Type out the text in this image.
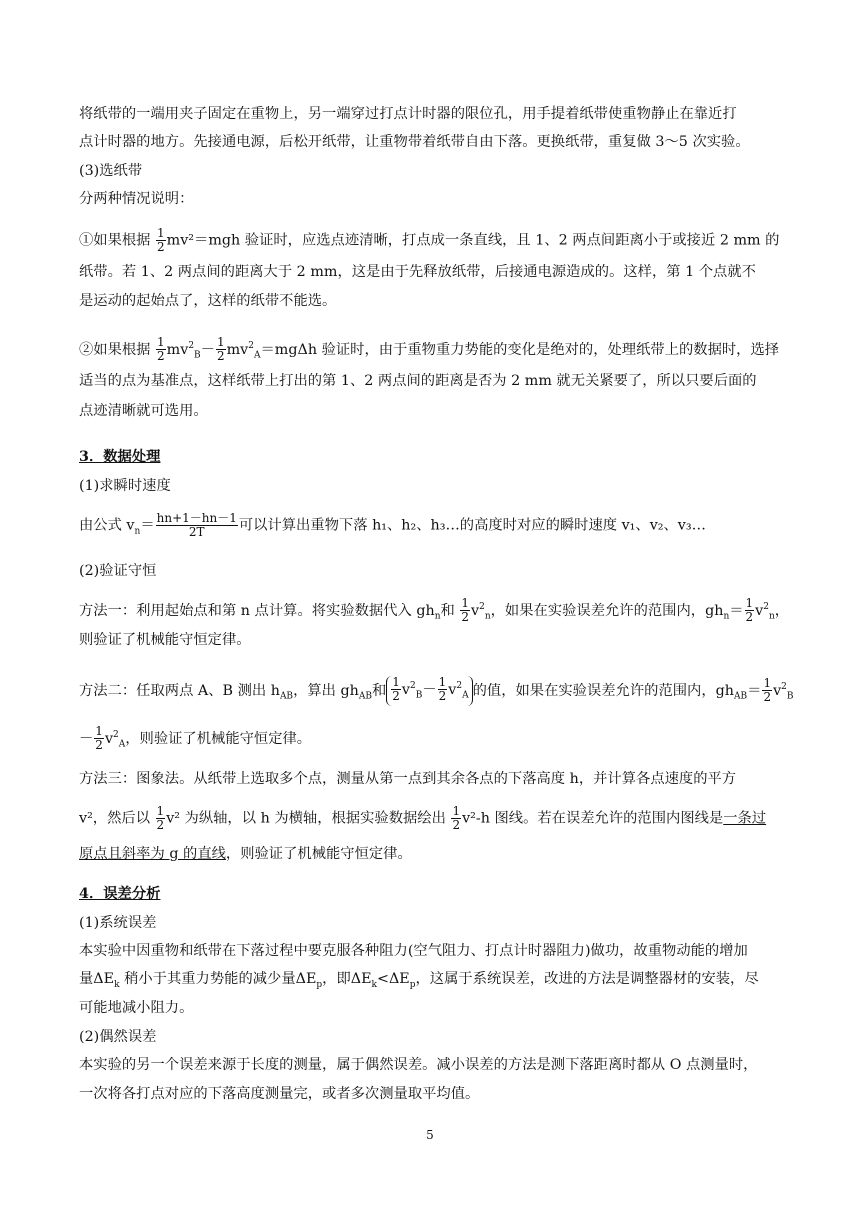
将纸带的一端用夹子固定在重物上，另一端穿过打点计时器的限位孔，用手提着纸带使重物静止在靠近打
点计时器的地方。先接通电源，后松开纸带，让重物带着纸带自由下落。更换纸带，重复做 3～5 次实验。
(3)选纸带
分两种情况说明：
①如果根据 $\frac{1}{2} mv^2=mgh$ 验证时，应选点迹清晰，打点成一条直线，且 1、2 两点间距离小于或接近 2 mm 的
纸带。若 1、2 两点间的距离大于 2 mm，这是由于先释放纸带，后接通电源造成的。这样，第 1 个点就不
是运动的起始点了，这样的纸带不能选。
②如果根据 $\frac{1}{2} mv^2_B- \frac{1}{2} mv^2_A=mg\Delta h$ 验证时，由于重物重力势能的变化是绝对的，处理纸带上的数据时，选择
适当的点为基准点，这样纸带上打出的第 1、2 两点间的距离是否为 2 mm 就无关紧要了，所以只要后面的
点迹清晰就可选用。
3．数据处理
(1)求瞬时速度
由公式 $v_n= \frac{hn+1-hn-1}{2T}$ 可以计算出重物下落 h₁、h₂、h₃…的高度时对应的瞬时速度 v₁、v₂、v₃…
(2)验证守恒
方法一：利用起始点和第 n 点计算。将实验数据代入 $gh_n$和 $\frac{1}{2} v^2_n$，如果在实验误差允许的范围内，$gh_n= \frac{1}{2} v^2_n$，
则验证了机械能守恒定律。
方法二：任取两点 A、B 测出 $h_{AB}$，算出 $gh_{AB}$和 $\frac{1}{2} v^2_B- \frac{1}{2} v^2_A$ 的值，如果在实验误差允许的范围内，$gh_{AB}= \frac{1}{2} v^2_B$
－ $\frac{1}{2} v^2_A$，则验证了机械能守恒定律。
方法三：图象法。从纸带上选取多个点，测量从第一点到其余各点的下落高度 h，并计算各点速度的平方
v²，然后以 $\frac{1}{2} v^2$ 为纵轴，以 h 为横轴，根据实验数据绘出 $\frac{1}{2} v^2-h$ 图线。若在误差允许的范围内图线是一条过
原点且斜率为 g 的直线，则验证了机械能守恒定律。
4．误差分析
(1)系统误差
本实验中因重物和纸带在下落过程中要克服各种阻力(空气阻力、打点计时器阻力)做功，故重物动能的增加
量$\Delta E_k$ 稍小于其重力势能的减少量$\Delta E_p$，即$\Delta E_k<\Delta E_p$，这属于系统误差，改进的方法是调整器材的安装，尽
可能地减小阻力。
(2)偶然误差
本实验的另一个误差来源于长度的测量，属于偶然误差。减小误差的方法是测下落距离时都从 O 点测量时，
一次将各打点对应的下落高度测量完，或者多次测量取平均值。
5
